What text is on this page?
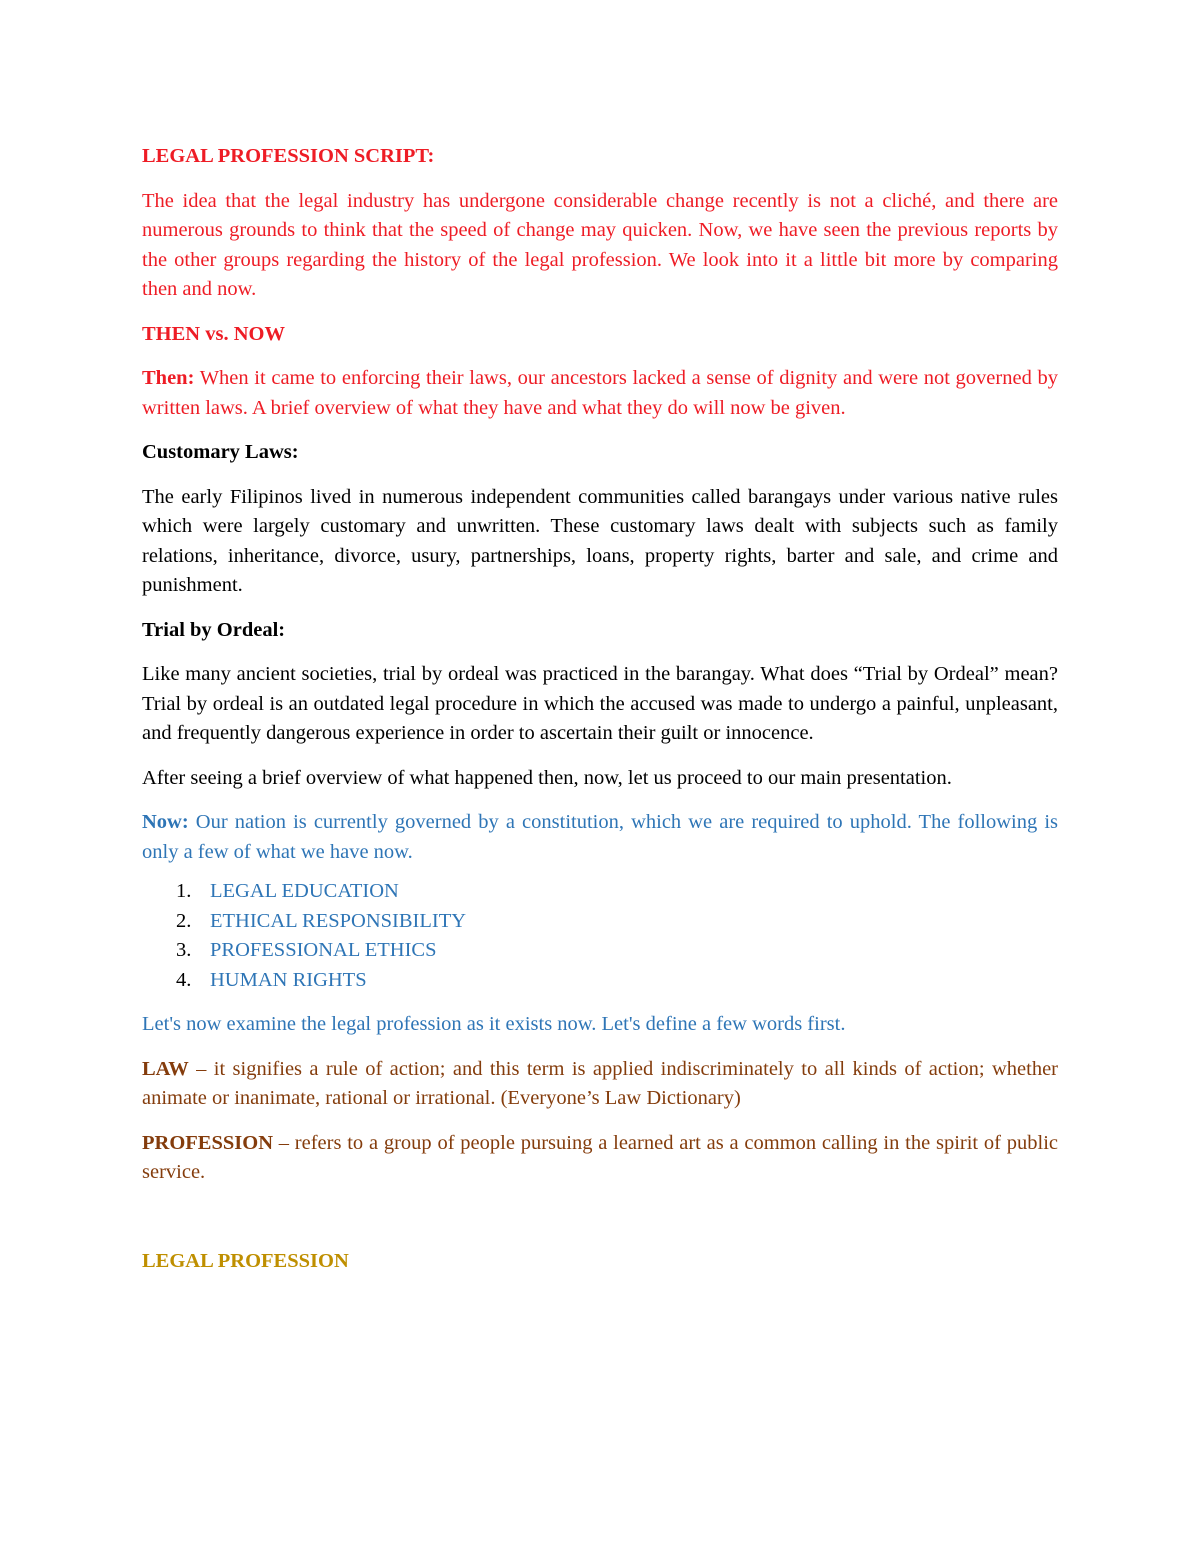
LEGAL PROFESSION SCRIPT:

The idea that the legal industry has undergone considerable change recently is not a cliché, and there are numerous grounds to think that the speed of change may quicken. Now, we have seen the previous reports by the other groups regarding the history of the legal profession. We look into it a little bit more by comparing then and now.

THEN vs. NOW

Then: When it came to enforcing their laws, our ancestors lacked a sense of dignity and were not governed by written laws. A brief overview of what they have and what they do will now be given.

Customary Laws:

The early Filipinos lived in numerous independent communities called barangays under various native rules which were largely customary and unwritten. These customary laws dealt with subjects such as family relations, inheritance, divorce, usury, partnerships, loans, property rights, barter and sale, and crime and punishment.

Trial by Ordeal:

Like many ancient societies, trial by ordeal was practiced in the barangay. What does “Trial by Ordeal” mean? Trial by ordeal is an outdated legal procedure in which the accused was made to undergo a painful, unpleasant, and frequently dangerous experience in order to ascertain their guilt or innocence.

After seeing a brief overview of what happened then, now, let us proceed to our main presentation.

Now: Our nation is currently governed by a constitution, which we are required to uphold. The following is only a few of what we have now.

1. LEGAL EDUCATION
2. ETHICAL RESPONSIBILITY
3. PROFESSIONAL ETHICS
4. HUMAN RIGHTS

Let's now examine the legal profession as it exists now. Let's define a few words first.

LAW – it signifies a rule of action; and this term is applied indiscriminately to all kinds of action; whether animate or inanimate, rational or irrational. (Everyone’s Law Dictionary)

PROFESSION – refers to a group of people pursuing a learned art as a common calling in the spirit of public service.

LEGAL PROFESSION
